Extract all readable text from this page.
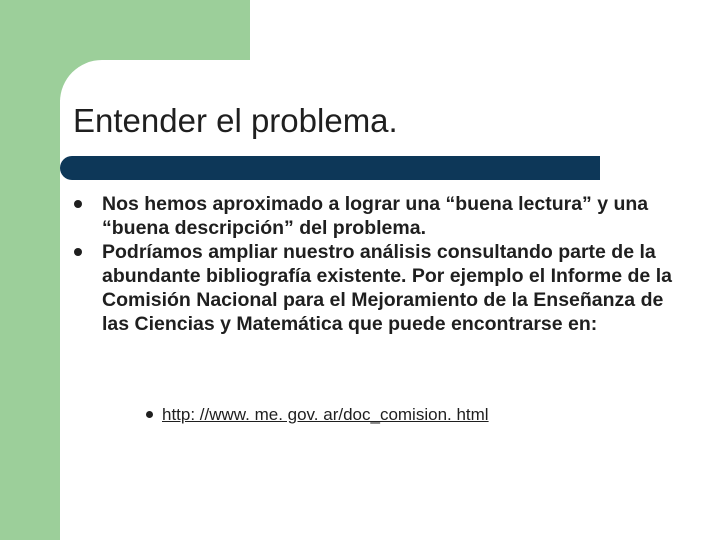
Entender el problema.
Nos hemos aproximado a lograr una “buena lectura” y una “buena descripción” del problema.
Podríamos ampliar nuestro análisis consultando parte de la abundante bibliografía existente. Por ejemplo el Informe de la Comisión Nacional para el Mejoramiento de la Enseñanza de las Ciencias y Matemática que puede encontrarse en:
http: //www. me. gov. ar/doc_comision. html
